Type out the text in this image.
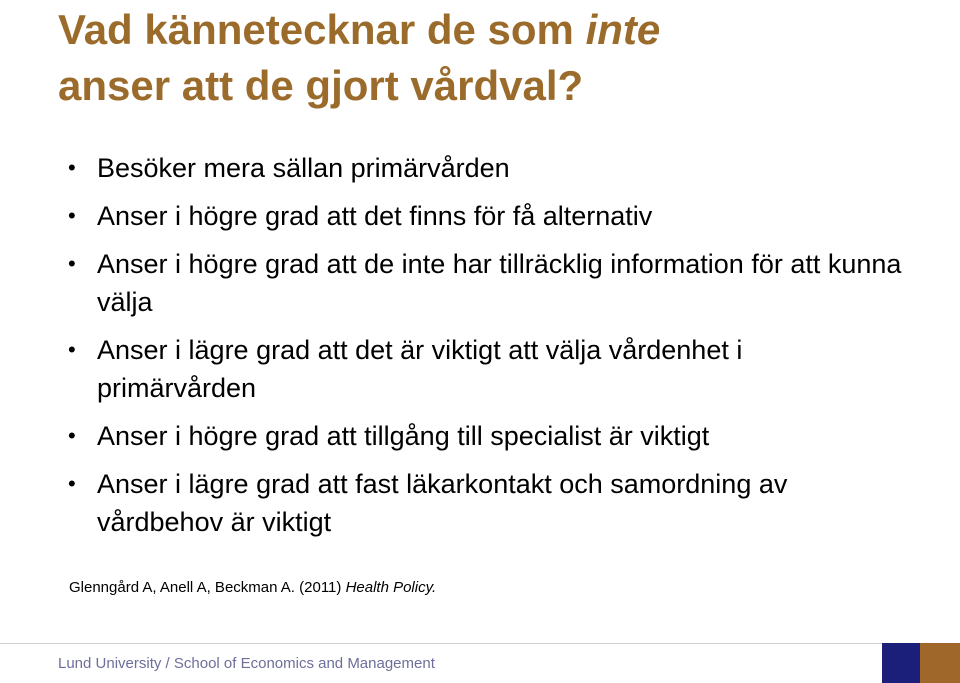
Vad kännetecknar de som inte
anser att de gjort vårdval?
• Besöker mera sällan primärvården
• Anser i högre grad att det finns för få alternativ
• Anser i högre grad att de inte har tillräcklig information för att kunna välja
• Anser i lägre grad att det är viktigt att välja vårdenhet i primärvården
• Anser i högre grad att tillgång till specialist är viktigt
• Anser i lägre grad att fast läkarkontakt och samordning av vårdbehov är viktigt
Glenngård A, Anell A, Beckman A. (2011) Health Policy.
Lund University / School of Economics and Management
